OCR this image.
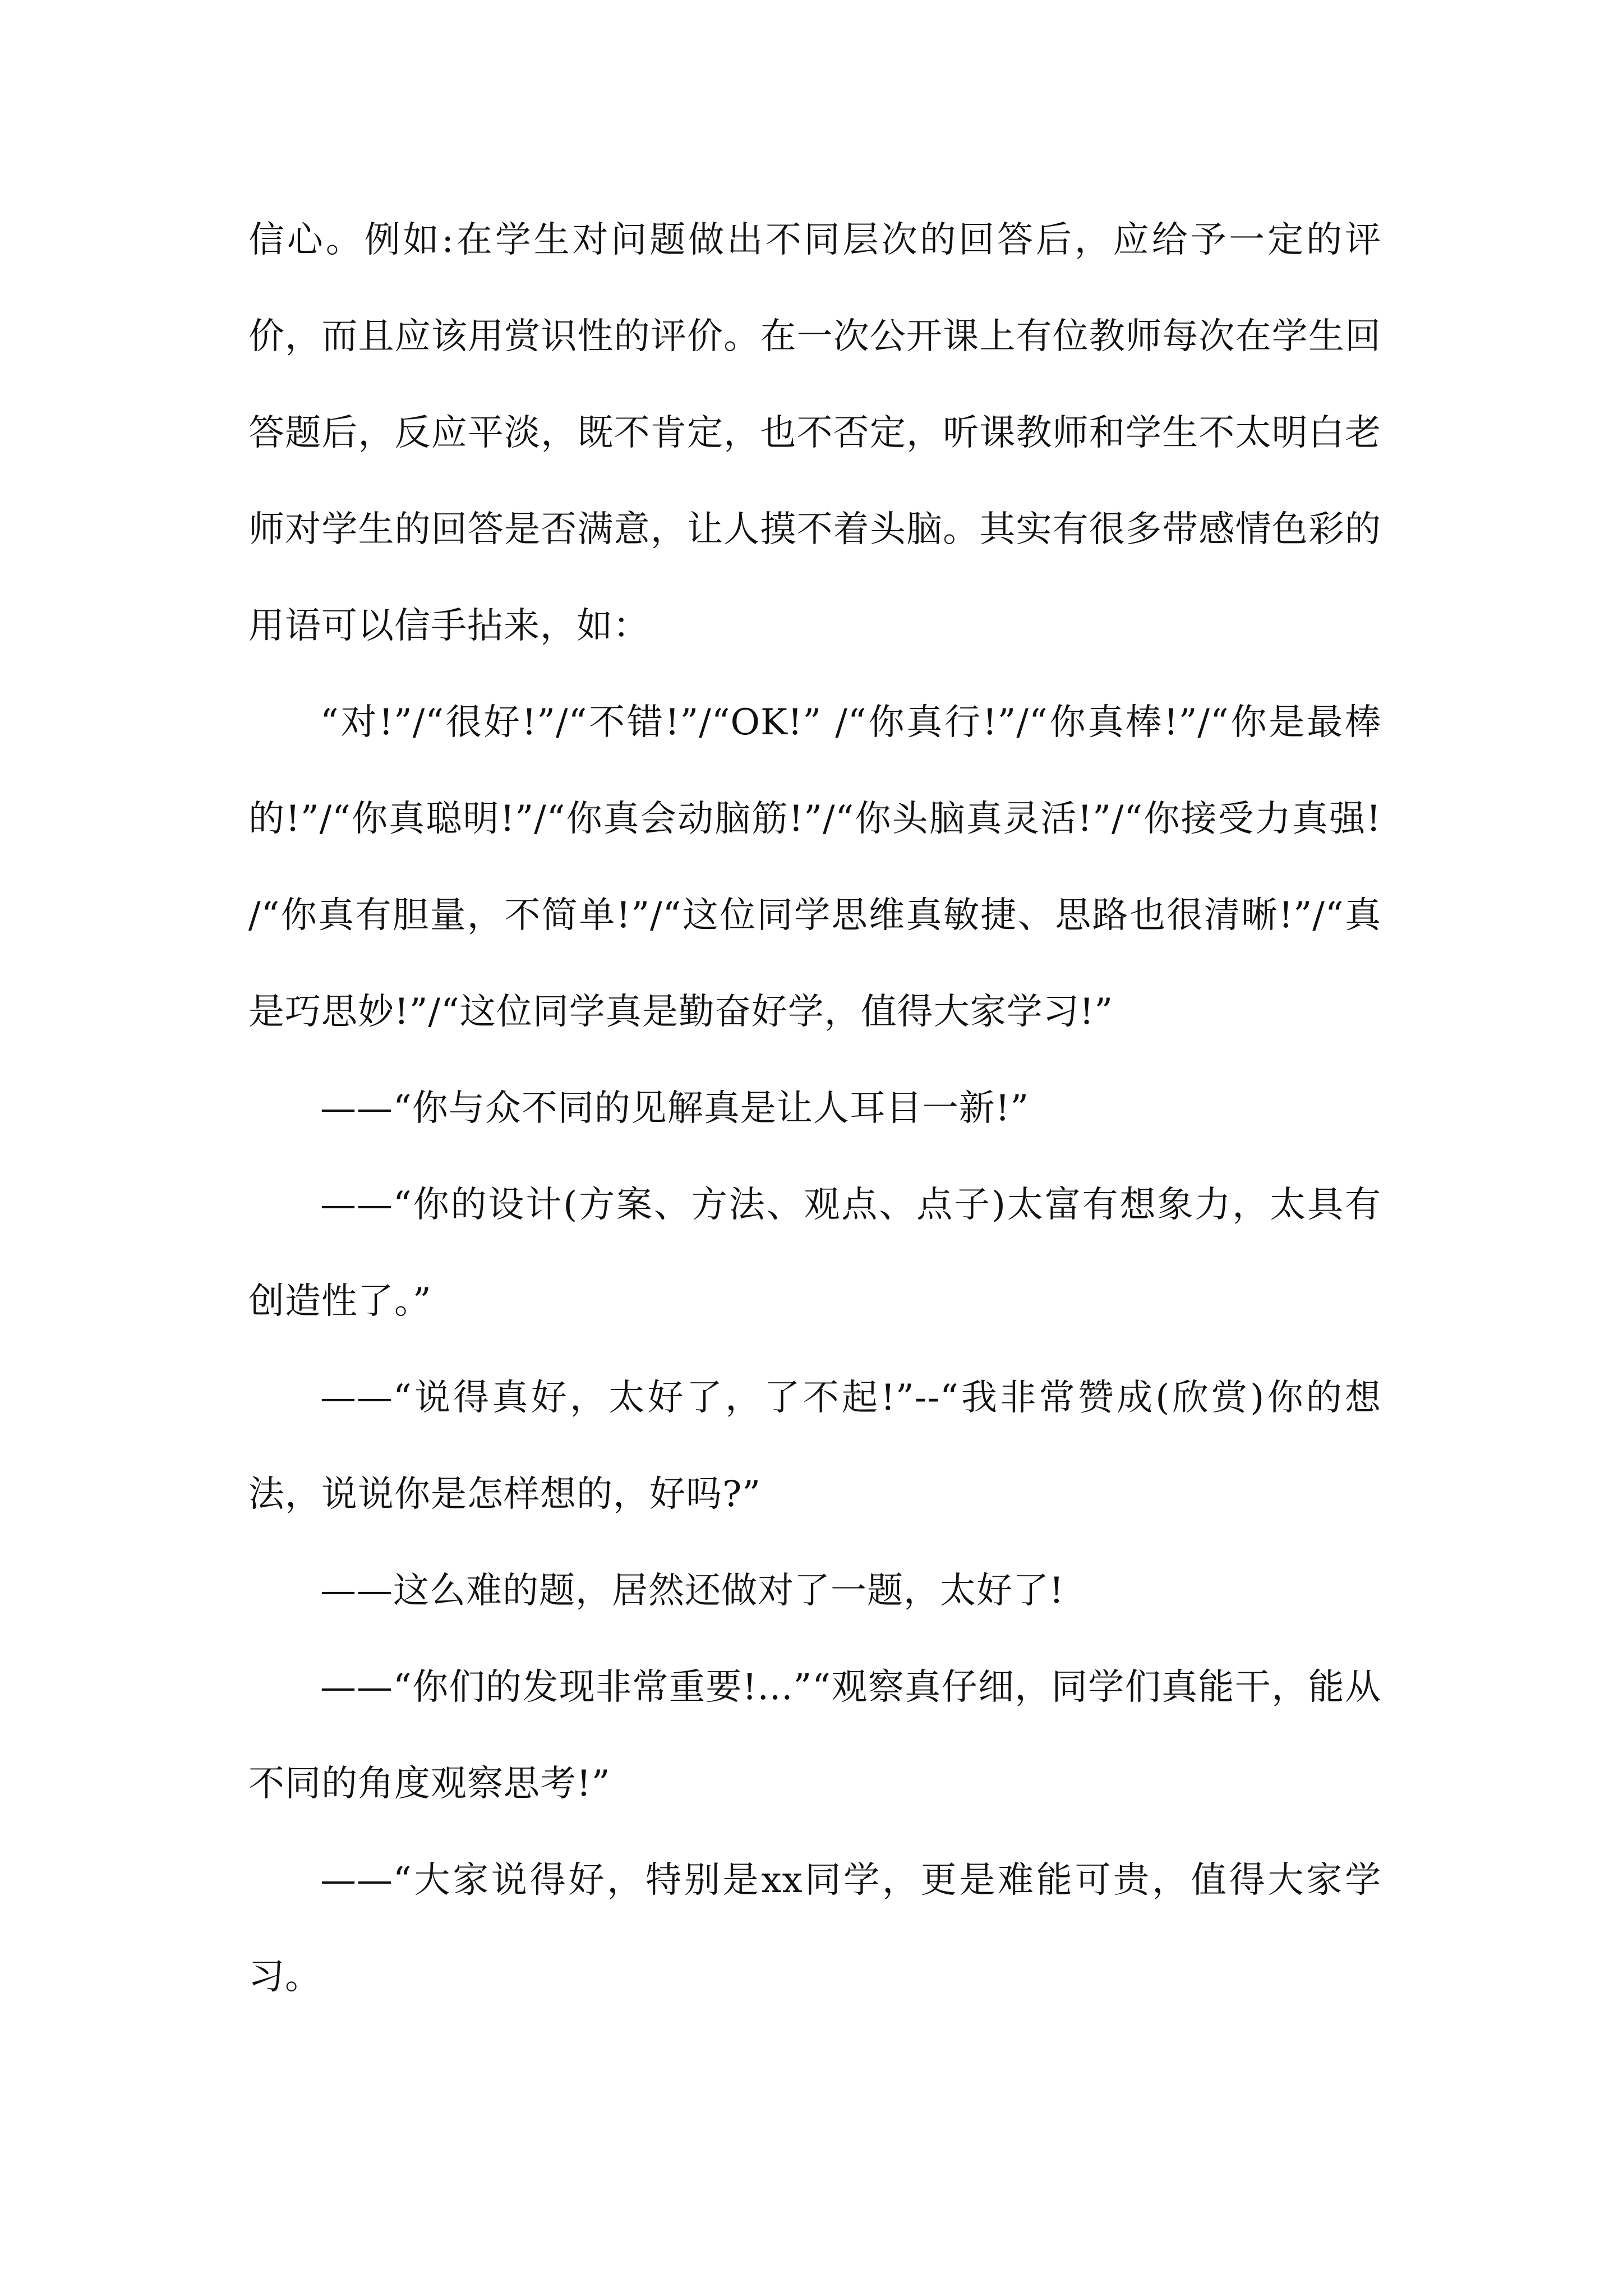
信心。例如:在学生对问题做出不同层次的回答后，应给予一定的评价，而且应该用赏识性的评价。在一次公开课上有位教师每次在学生回答题后，反应平淡，既不肯定，也不否定，听课教师和学生不太明白老师对学生的回答是否满意，让人摸不着头脑。其实有很多带感情色彩的用语可以信手拈来，如：

“对!”/“很好!”/“不错!”/“OK!” /“你真行!”/“你真棒!”/“你是最棒的!”/“你真聪明!”/“你真会动脑筋!”/“你头脑真灵活!”/“你接受力真强! /“你真有胆量，不简单!”/“这位同学思维真敏捷、思路也很清晰!”/“真是巧思妙!”/“这位同学真是勤奋好学，值得大家学习!”

——“你与众不同的见解真是让人耳目一新!”

——“你的设计(方案、方法、观点、点子)太富有想象力，太具有创造性了。”

——“说得真好，太好了，了不起!”--“我非常赞成(欣赏)你的想法，说说你是怎样想的，好吗?”

——这么难的题，居然还做对了一题，太好了!

——“你们的发现非常重要!...”“观察真仔细，同学们真能干，能从不同的角度观察思考!”

——“大家说得好，特别是xx同学，更是难能可贵，值得大家学习。
